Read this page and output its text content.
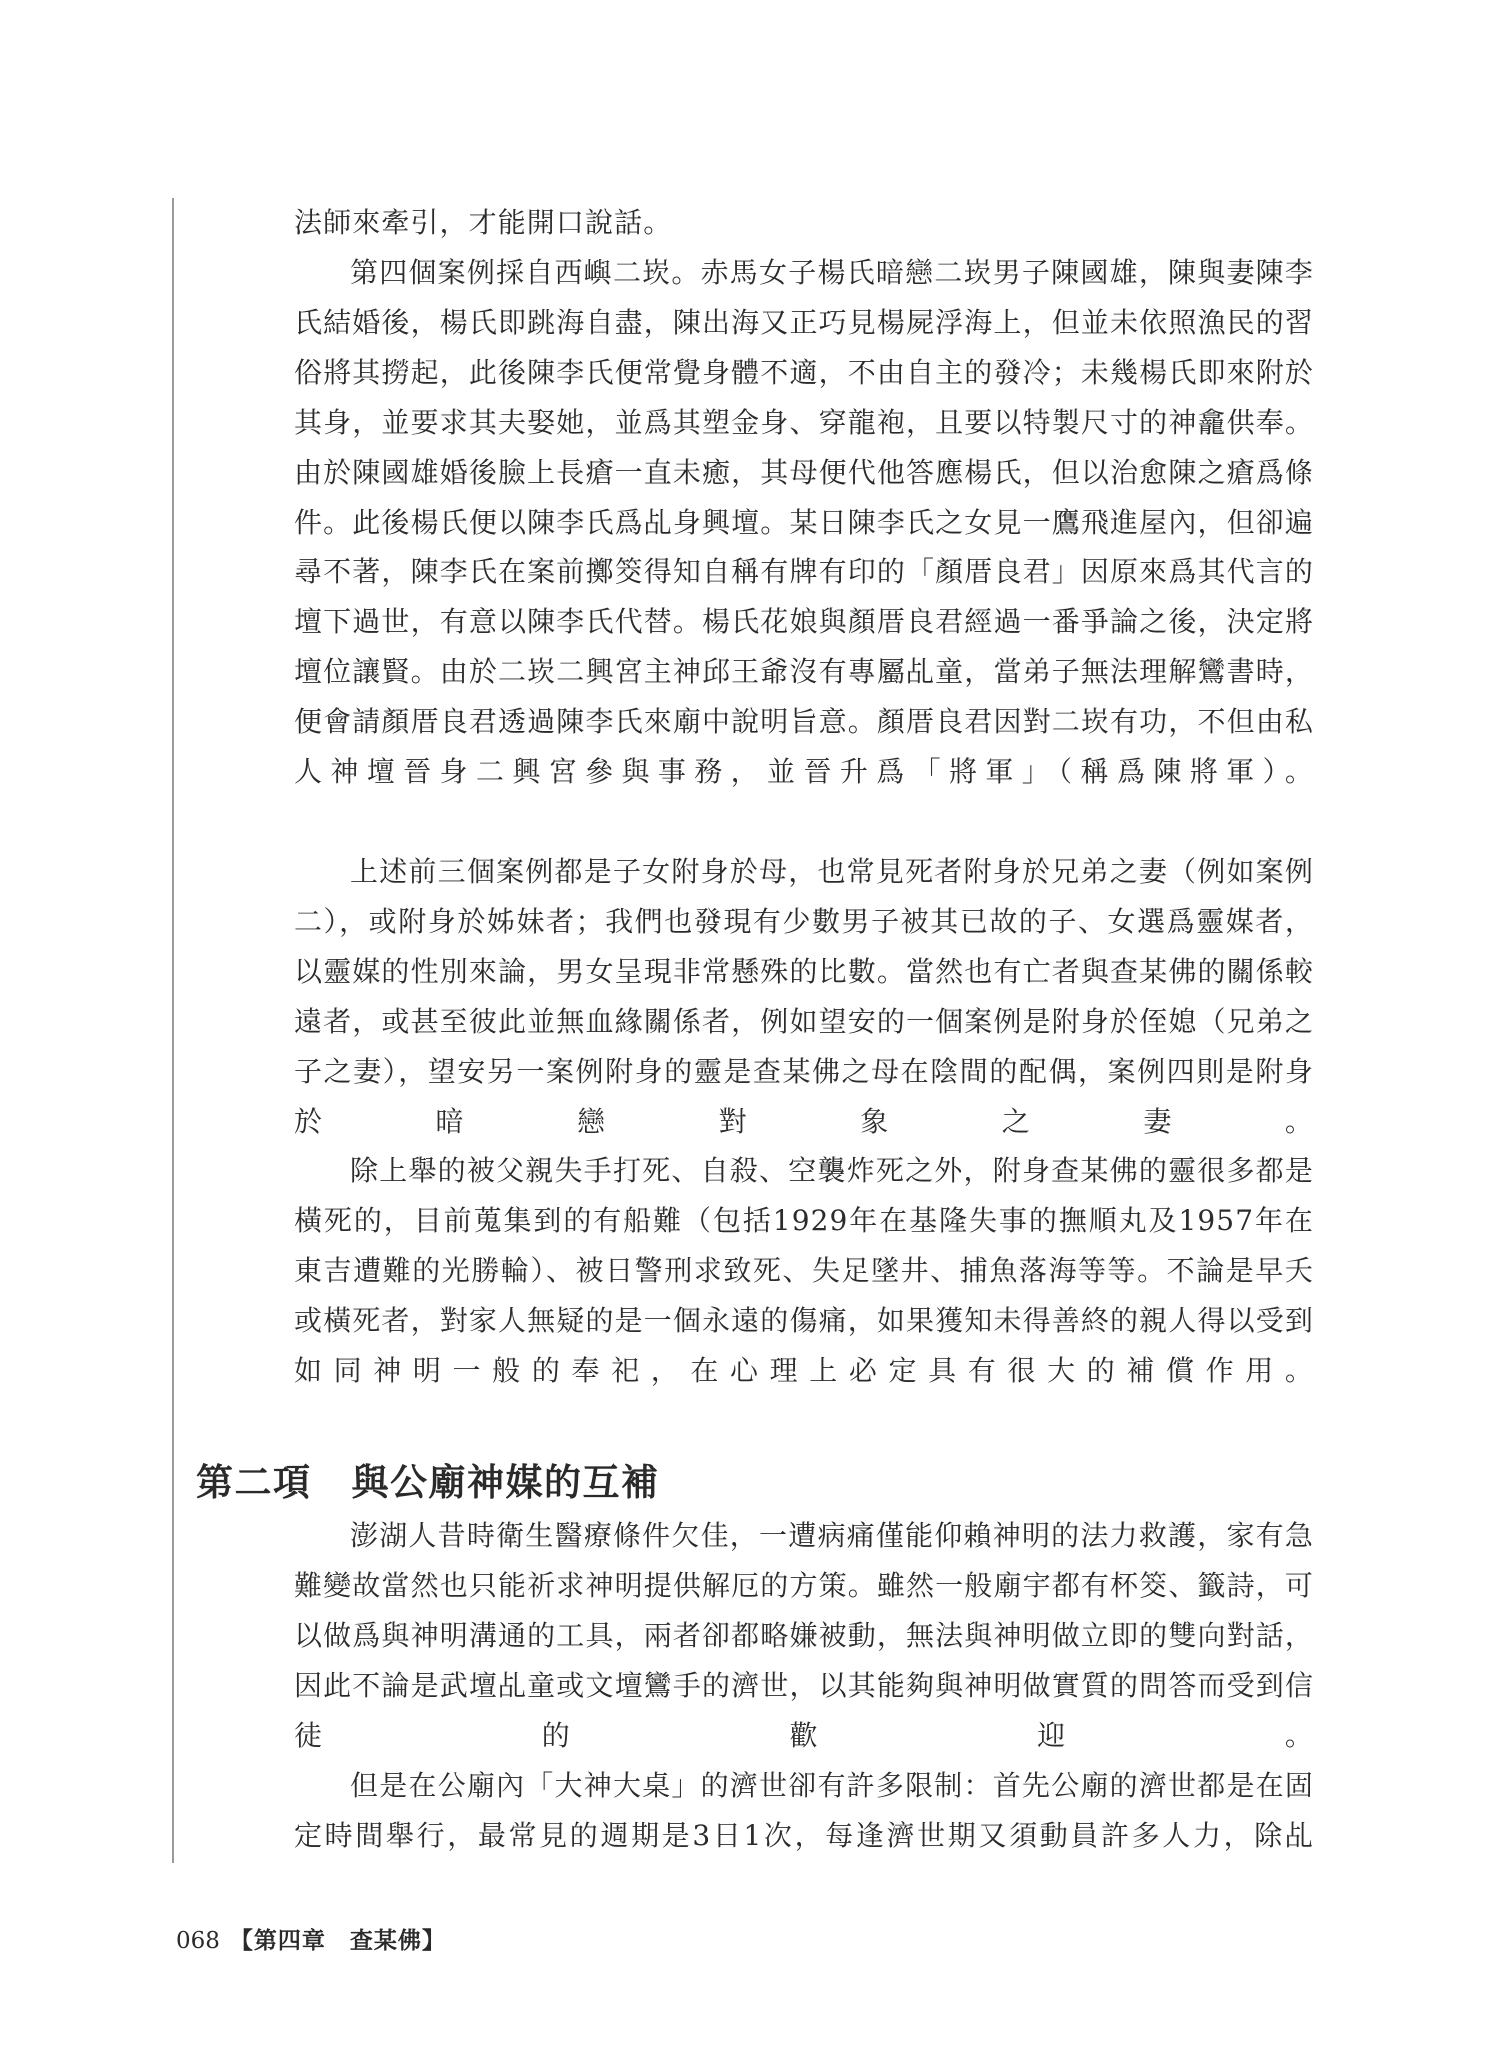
法師來牽引，才能開口說話。

第四個案例採自西嶼二崁。赤馬女子楊氏暗戀二崁男子陳國雄，陳與妻陳李氏結婚後，楊氏即跳海自盡，陳出海又正巧見楊屍浮海上，但並未依照漁民的習俗將其撈起，此後陳李氏便常覺身體不適，不由自主的發冷；未幾楊氏即來附於其身，並要求其夫娶她，並爲其塑金身、穿龍袍，且要以特製尺寸的神龕供奉。由於陳國雄婚後臉上長瘡一直未癒，其母便代他答應楊氏，但以治愈陳之瘡爲條件。此後楊氏便以陳李氏爲乩身興壇。某日陳李氏之女見一鷹飛進屋內，但卻遍尋不著，陳李氏在案前擲筊得知自稱有牌有印的「顏厝良君」因原來爲其代言的壇下過世，有意以陳李氏代替。楊氏花娘與顏厝良君經過一番爭論之後，決定將壇位讓賢。由於二崁二興宮主神邱王爺沒有專屬乩童，當弟子無法理解鸞書時，便會請顏厝良君透過陳李氏來廟中說明旨意。顏厝良君因對二崁有功，不但由私人神壇晉身二興宮參與事務，並晉升爲「將軍」（稱爲陳將軍）。

上述前三個案例都是子女附身於母，也常見死者附身於兄弟之妻（例如案例二），或附身於姊妹者；我們也發現有少數男子被其已故的子、女選爲靈媒者，以靈媒的性別來論，男女呈現非常懸殊的比數。當然也有亡者與查某佛的關係較遠者，或甚至彼此並無血緣關係者，例如望安的一個案例是附身於侄媳（兄弟之子之妻），望安另一案例附身的靈是查某佛之母在陰間的配偶，案例四則是附身於暗戀對象之妻。

除上舉的被父親失手打死、自殺、空襲炸死之外，附身查某佛的靈很多都是橫死的，目前蒐集到的有船難（包括1929年在基隆失事的撫順丸及1957年在東吉遭難的光勝輪）、被日警刑求致死、失足墜井、捕魚落海等等。不論是早夭或橫死者，對家人無疑的是一個永遠的傷痛，如果獲知未得善終的親人得以受到如同神明一般的奉祀，在心理上必定具有很大的補償作用。

第二項 與公廟神媒的互補

澎湖人昔時衛生醫療條件欠佳，一遭病痛僅能仰賴神明的法力救護，家有急難變故當然也只能祈求神明提供解厄的方策。雖然一般廟宇都有杯筊、籤詩，可以做爲與神明溝通的工具，兩者卻都略嫌被動，無法與神明做立即的雙向對話，因此不論是武壇乩童或文壇鸞手的濟世，以其能夠與神明做實質的問答而受到信徒的歡迎。

但是在公廟內「大神大桌」的濟世卻有許多限制：首先公廟的濟世都是在固定時間舉行，最常見的週期是3日1次，每逢濟世期又須動員許多人力，除乩

068 【第四章　查某佛】
